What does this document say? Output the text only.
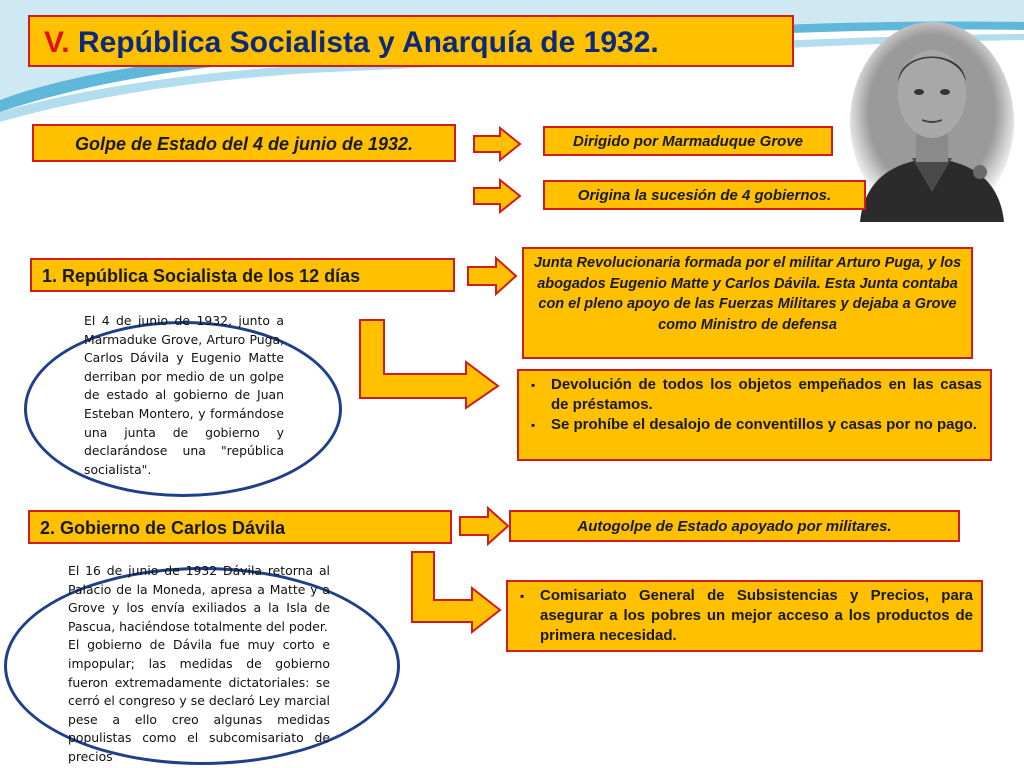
V. República Socialista y Anarquía de 1932.
Golpe de Estado del 4 de junio de 1932.	Dirigido por Marmaduque Grove
Origina la sucesión de 4 gobiernos.
1. República Socialista de los 12 días
Junta Revolucionaria formada por el militar Arturo Puga, y los abogados Eugenio Matte y Carlos Dávila. Esta Junta contaba con el pleno apoyo de las Fuerzas Militares y dejaba a Grove como Ministro de defensa
▪ Devolución de todos los objetos empeñados en las casas de préstamos.
▪ Se prohíbe el desalojo de conventillos y casas por no pago.
El 4 de junio de 1932, junto a Marmaduke Grove, Arturo Puga, Carlos Dávila y Eugenio Matte derriban por medio de un golpe de estado al gobierno de Juan Esteban Montero, y formándose una junta de gobierno y declarándose una "república socialista".
2. Gobierno de Carlos Dávila	Autogolpe de Estado apoyado por militares.
▪ Comisariato General de Subsistencias y Precios, para asegurar a los pobres un mejor acceso a los productos de primera necesidad.
El 16 de junio de 1932 Dávila retorna al Palacio de la Moneda, apresa a Matte y a Grove y los envía exiliados a la Isla de Pascua, haciéndose totalmente del poder.
El gobierno de Dávila fue muy corto e impopular; las medidas de gobierno fueron extremadamente dictatoriales: se cerró el congreso y se declaró Ley marcial pese a ello creo algunas medidas populistas como el subcomisariato de precios
